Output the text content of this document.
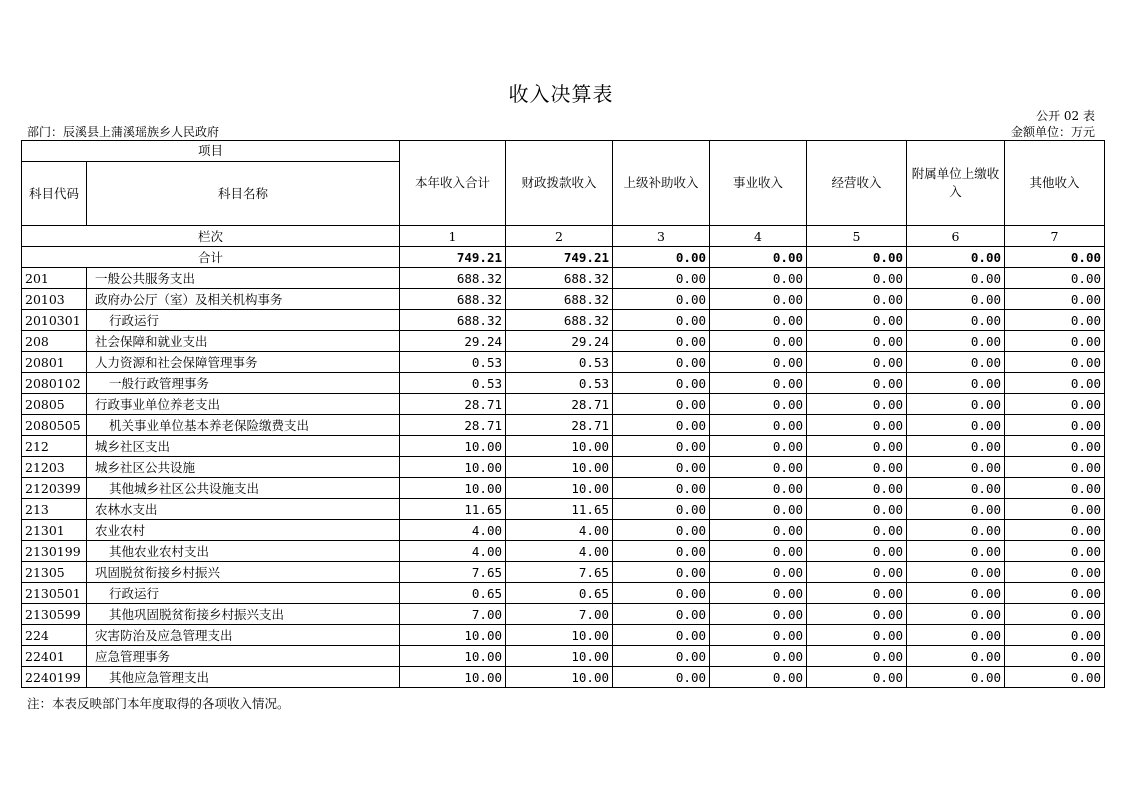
收入决算表
公开 02 表
部门：辰溪县上蒲溪瑶族乡人民政府	金额单位：万元
项目		本年收入合计	财政拨款收入	上级补助收入	事业收入	经营收入	附属单位上缴收入	其他收入
科目代码	科目名称							
栏次		1	2	3	4	5	6	7
合计		749.21	749.21	0.00	0.00	0.00	0.00	0.00
201	一般公共服务支出	688.32	688.32	0.00	0.00	0.00	0.00	0.00
20103	政府办公厅（室）及相关机构事务	688.32	688.32	0.00	0.00	0.00	0.00	0.00
2010301	行政运行	688.32	688.32	0.00	0.00	0.00	0.00	0.00
208	社会保障和就业支出	29.24	29.24	0.00	0.00	0.00	0.00	0.00
20801	人力资源和社会保障管理事务	0.53	0.53	0.00	0.00	0.00	0.00	0.00
2080102	一般行政管理事务	0.53	0.53	0.00	0.00	0.00	0.00	0.00
20805	行政事业单位养老支出	28.71	28.71	0.00	0.00	0.00	0.00	0.00
2080505	机关事业单位基本养老保险缴费支出	28.71	28.71	0.00	0.00	0.00	0.00	0.00
212	城乡社区支出	10.00	10.00	0.00	0.00	0.00	0.00	0.00
21203	城乡社区公共设施	10.00	10.00	0.00	0.00	0.00	0.00	0.00
2120399	其他城乡社区公共设施支出	10.00	10.00	0.00	0.00	0.00	0.00	0.00
213	农林水支出	11.65	11.65	0.00	0.00	0.00	0.00	0.00
21301	农业农村	4.00	4.00	0.00	0.00	0.00	0.00	0.00
2130199	其他农业农村支出	4.00	4.00	0.00	0.00	0.00	0.00	0.00
21305	巩固脱贫衔接乡村振兴	7.65	7.65	0.00	0.00	0.00	0.00	0.00
2130501	行政运行	0.65	0.65	0.00	0.00	0.00	0.00	0.00
2130599	其他巩固脱贫衔接乡村振兴支出	7.00	7.00	0.00	0.00	0.00	0.00	0.00
224	灾害防治及应急管理支出	10.00	10.00	0.00	0.00	0.00	0.00	0.00
22401	应急管理事务	10.00	10.00	0.00	0.00	0.00	0.00	0.00
2240199	其他应急管理支出	10.00	10.00	0.00	0.00	0.00	0.00	0.00
注：本表反映部门本年度取得的各项收入情况。
